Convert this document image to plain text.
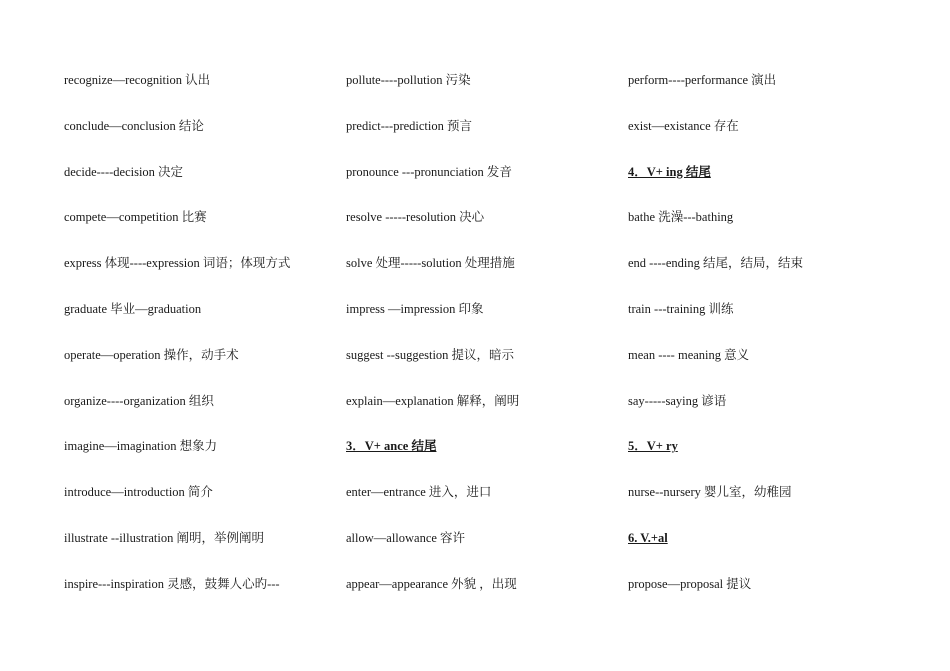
recognize—recognition 认出
conclude—conclusion 结论
decide----decision 决定
compete—competition 比赛
express 体现----expression 词语；体现方式
graduate 毕业—graduation
operate—operation 操作，动手术
organize----organization 组织
imagine—imagination 想象力
introduce—introduction 简介
illustrate --illustration 阐明，举例阐明
inspire---inspiration 灵感，鼓舞人心旳---
pollute----pollution 污染
predict---prediction 预言
pronounce ---pronunciation 发音
resolve -----resolution 决心
solve 处理-----solution 处理措施
impress —impression 印象
suggest --suggestion 提议，暗示
explain—explanation 解释，阐明
3．V+ ance 结尾
enter—entrance 进入，进口
allow—allowance 容许
appear—appearance 外貌 ，出现
perform----performance 演出
exist—existance 存在
4．V+ ing 结尾
bathe 洗澡---bathing
end ----ending 结尾，结局，结束
train ---training 训练
mean ---- meaning 意义
say-----saying 谚语
5．V+ ry
nurse--nursery 婴儿室，幼稚园
6. V.+al
propose—proposal 提议
